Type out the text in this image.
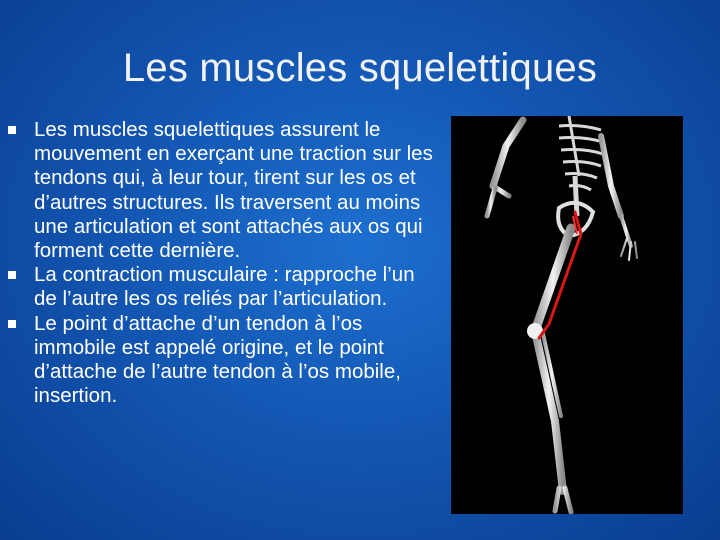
Les muscles squelettiques
Les muscles squelettiques assurent le mouvement en exerçant une traction sur les tendons qui, à leur tour, tirent sur les os et d’autres structures. Ils traversent au moins une articulation et sont attachés aux os qui forment cette dernière.
La contraction musculaire : rapproche l’un de l’autre les os reliés par l’articulation.
Le point d’attache d’un tendon à l’os immobile est appelé origine, et le point d’attache de l’autre tendon à l’os mobile, insertion.
